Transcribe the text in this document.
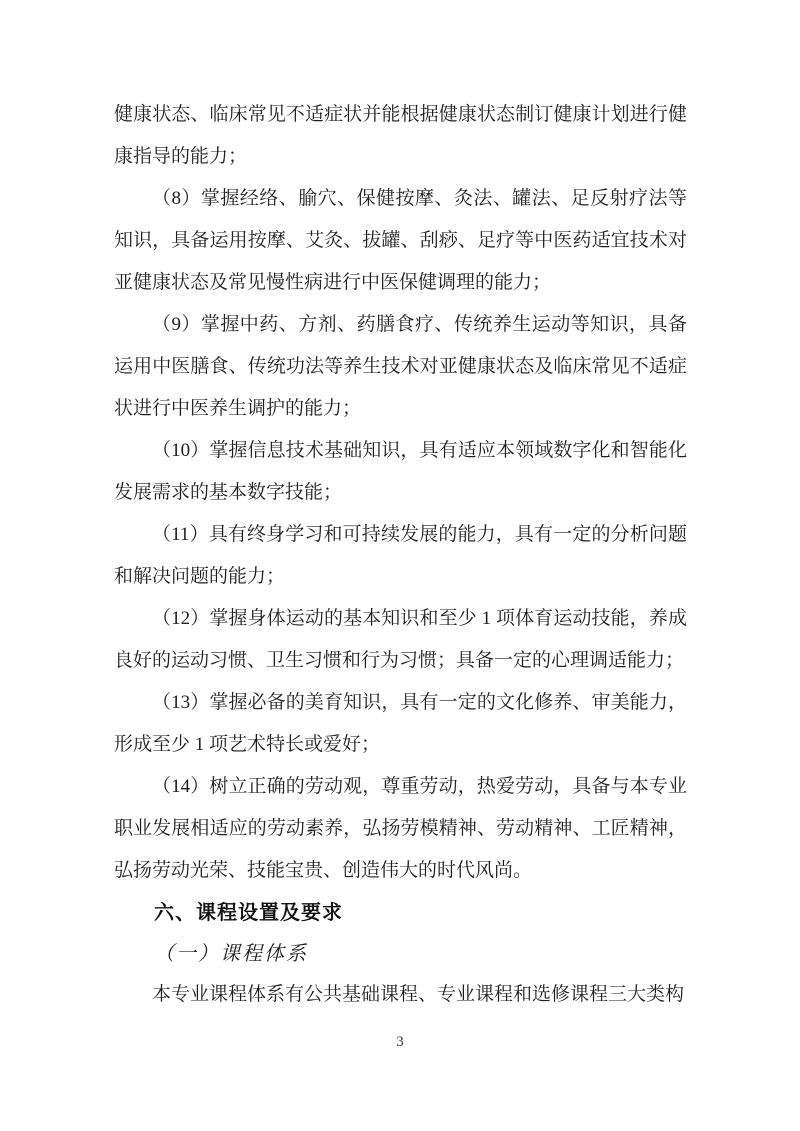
健康状态、临床常见不适症状并能根据健康状态制订健康计划进行健康指导的能力；

（8）掌握经络、腧穴、保健按摩、灸法、罐法、足反射疗法等知识，具备运用按摩、艾灸、拔罐、刮痧、足疗等中医药适宜技术对亚健康状态及常见慢性病进行中医保健调理的能力；

（9）掌握中药、方剂、药膳食疗、传统养生运动等知识，具备运用中医膳食、传统功法等养生技术对亚健康状态及临床常见不适症状进行中医养生调护的能力；

（10）掌握信息技术基础知识，具有适应本领域数字化和智能化发展需求的基本数字技能；

（11）具有终身学习和可持续发展的能力，具有一定的分析问题和解决问题的能力；

（12）掌握身体运动的基本知识和至少 1 项体育运动技能，养成良好的运动习惯、卫生习惯和行为习惯；具备一定的心理调适能力；

（13）掌握必备的美育知识，具有一定的文化修养、审美能力，形成至少 1 项艺术特长或爱好；

（14）树立正确的劳动观，尊重劳动，热爱劳动，具备与本专业职业发展相适应的劳动素养，弘扬劳模精神、劳动精神、工匠精神，弘扬劳动光荣、技能宝贵、创造伟大的时代风尚。

六、课程设置及要求

（一）课程体系

本专业课程体系有公共基础课程、专业课程和选修课程三大类构

3
